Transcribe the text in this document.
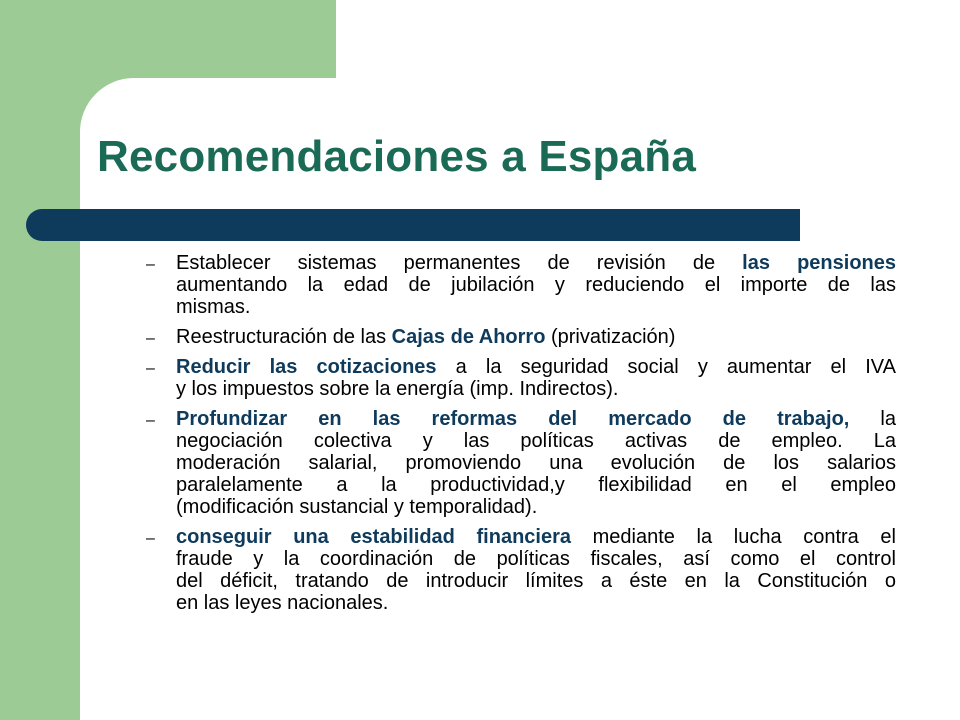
Recomendaciones a España
– Establecer sistemas permanentes de revisión de las pensiones
aumentando la edad de jubilación y reduciendo el importe de las
mismas.
– Reestructuración de las Cajas de Ahorro (privatización)
– Reducir las cotizaciones a la seguridad social y aumentar el IVA
y los impuestos sobre la energía (imp. Indirectos).
– Profundizar en las reformas del mercado de trabajo, la
negociación colectiva y las políticas activas de empleo. La
moderación salarial, promoviendo una evolución de los salarios
paralelamente a la productividad,y flexibilidad en el empleo
(modificación sustancial y temporalidad).
– conseguir una estabilidad financiera mediante la lucha contra el
fraude y la coordinación de políticas fiscales, así como el control
del déficit, tratando de introducir límites a éste en la Constitución o
en las leyes nacionales.
